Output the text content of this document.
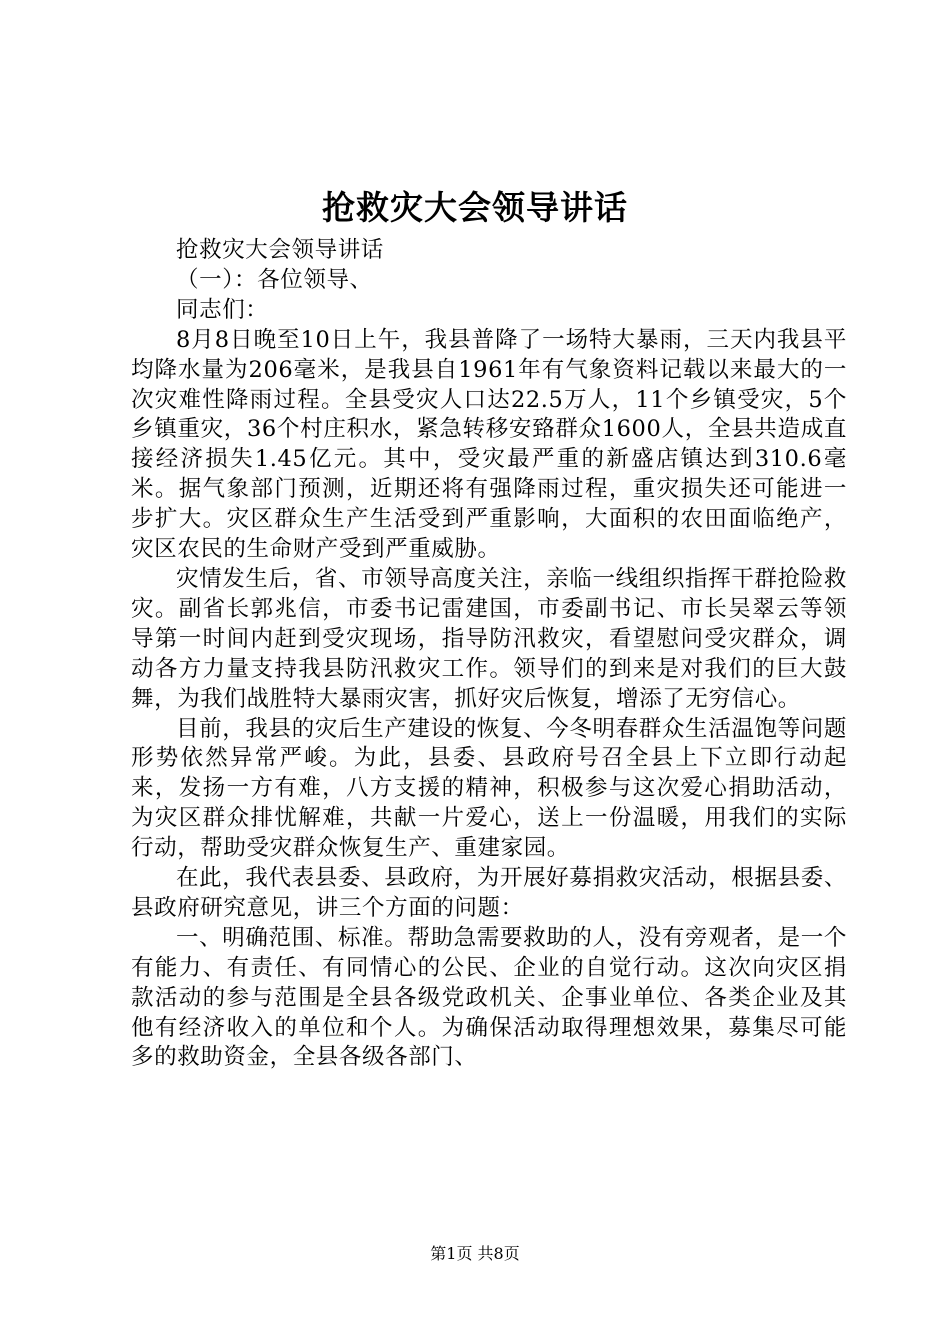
抢救灾大会领导讲话

抢救灾大会领导讲话

（一）：各位领导、

同志们：

8月8日晚至10日上午，我县普降了一场特大暴雨，三天内我县平均降水量为206毫米，是我县自1961年有气象资料记载以来最大的一次灾难性降雨过程。全县受灾人口达22.5万人，11个乡镇受灾，5个乡镇重灾，36个村庄积水，紧急转移安臵群众1600人，全县共造成直接经济损失1.45亿元。其中，受灾最严重的新盛店镇达到310.6毫米。据气象部门预测，近期还将有强降雨过程，重灾损失还可能进一步扩大。灾区群众生产生活受到严重影响，大面积的农田面临绝产，灾区农民的生命财产受到严重威胁。

灾情发生后，省、市领导高度关注，亲临一线组织指挥干群抢险救灾。副省长郭兆信，市委书记雷建国，市委副书记、市长吴翠云等领导第一时间内赶到受灾现场，指导防汛救灾，看望慰问受灾群众，调动各方力量支持我县防汛救灾工作。领导们的到来是对我们的巨大鼓舞，为我们战胜特大暴雨灾害，抓好灾后恢复，增添了无穷信心。

目前，我县的灾后生产建设的恢复、今冬明春群众生活温饱等问题形势依然异常严峻。为此，县委、县政府号召全县上下立即行动起来，发扬一方有难，八方支援的精神，积极参与这次爱心捐助活动，为灾区群众排忧解难，共献一片爱心，送上一份温暖，用我们的实际行动，帮助受灾群众恢复生产、重建家园。

在此，我代表县委、县政府，为开展好募捐救灾活动，根据县委、县政府研究意见，讲三个方面的问题：

一、明确范围、标准。帮助急需要救助的人，没有旁观者，是一个有能力、有责任、有同情心的公民、企业的自觉行动。这次向灾区捐款活动的参与范围是全县各级党政机关、企事业单位、各类企业及其他有经济收入的单位和个人。为确保活动取得理想效果，募集尽可能多的救助资金，全县各级各部门、

第1页 共8页
